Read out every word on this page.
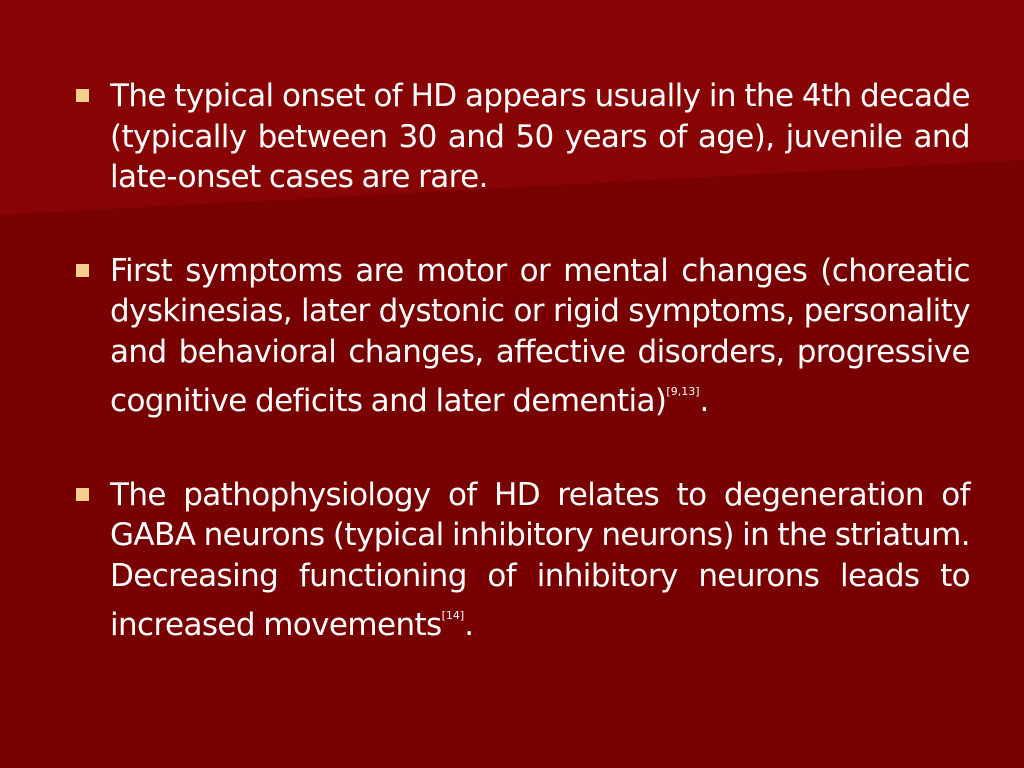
The typical onset of HD appears usually in the 4th decade (typically between 30 and 50 years of age), juvenile and late-onset cases are rare.
First symptoms are motor or mental changes (choreatic dyskinesias, later dystonic or rigid symptoms, personality and behavioral changes, affective disorders, progressive cognitive deficits and later dementia)[9,13].
The pathophysiology of HD relates to degeneration of GABA neurons (typical inhibitory neurons) in the striatum. Decreasing functioning of inhibitory neurons leads to increased movements[14].
